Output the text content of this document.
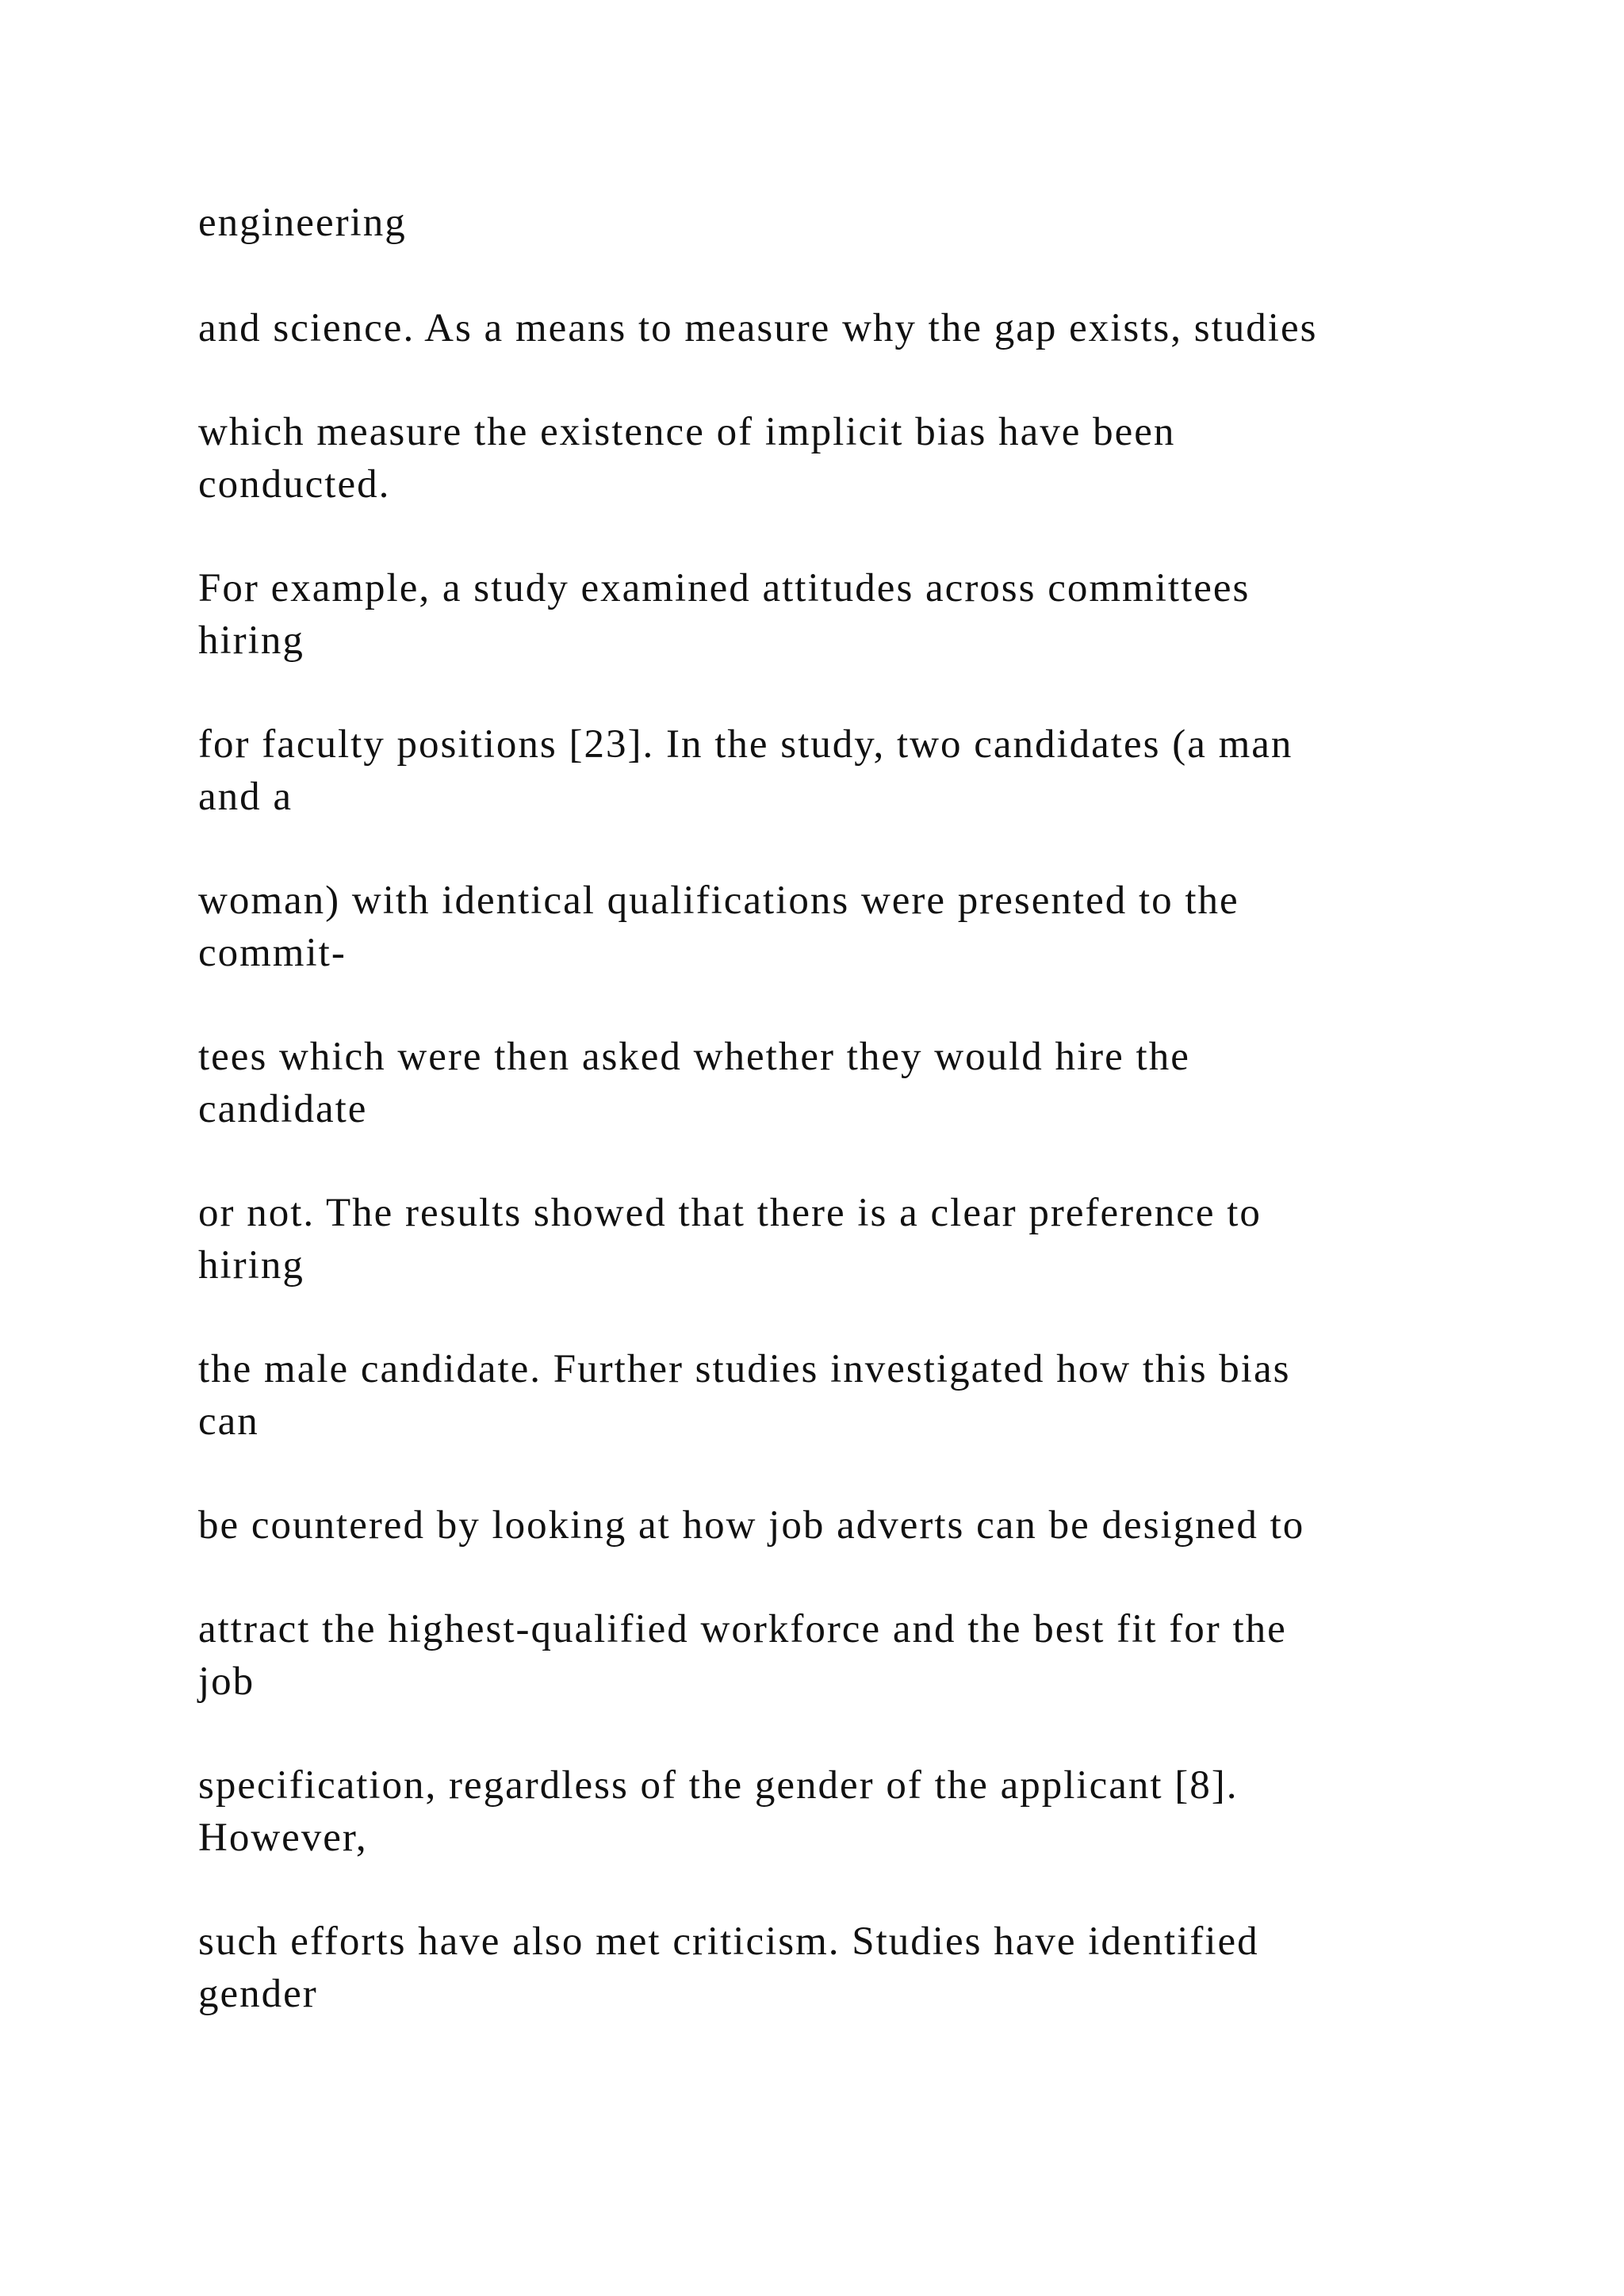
engineering

and science. As a means to measure why the gap exists, studies

which measure the existence of implicit bias have been
conducted.

For example, a study examined attitudes across committees
hiring

for faculty positions [23]. In the study, two candidates (a man
and a

woman) with identical qualifications were presented to the
commit-

tees which were then asked whether they would hire the
candidate

or not. The results showed that there is a clear preference to
hiring

the male candidate. Further studies investigated how this bias
can

be countered by looking at how job adverts can be designed to

attract the highest-qualified workforce and the best fit for the
job

specification, regardless of the gender of the applicant [8].
However,

such efforts have also met criticism. Studies have identified
gender
